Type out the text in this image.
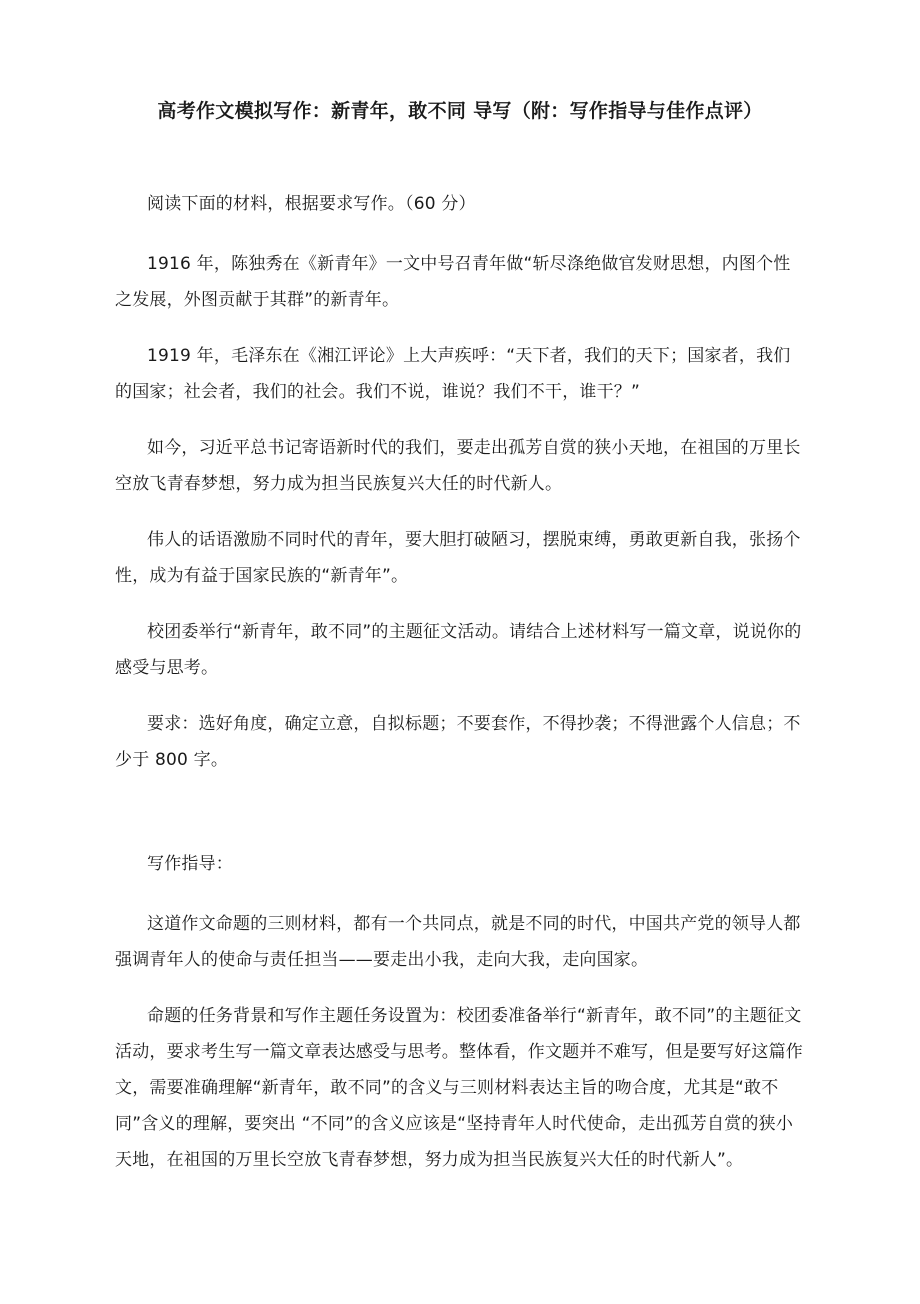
高考作文模拟写作：新青年，敢不同 导写（附：写作指导与佳作点评）

阅读下面的材料，根据要求写作。（60 分）

1916 年，陈独秀在《新青年》一文中号召青年做“斩尽涤绝做官发财思想，内图个性之发展，外图贡献于其群”的新青年。

1919 年，毛泽东在《湘江评论》上大声疾呼：“天下者，我们的天下；国家者，我们的国家；社会者，我们的社会。我们不说，谁说？我们不干，谁干？”

如今，习近平总书记寄语新时代的我们，要走出孤芳自赏的狭小天地，在祖国的万里长空放飞青春梦想，努力成为担当民族复兴大任的时代新人。

伟人的话语激励不同时代的青年，要大胆打破陋习，摆脱束缚，勇敢更新自我，张扬个性，成为有益于国家民族的“新青年”。

校团委举行“新青年，敢不同”的主题征文活动。请结合上述材料写一篇文章，说说你的感受与思考。

要求：选好角度，确定立意，自拟标题；不要套作，不得抄袭；不得泄露个人信息；不少于 800 字。

写作指导：

这道作文命题的三则材料，都有一个共同点，就是不同的时代，中国共产党的领导人都强调青年人的使命与责任担当——要走出小我，走向大我，走向国家。

命题的任务背景和写作主题任务设置为：校团委准备举行“新青年，敢不同”的主题征文活动，要求考生写一篇文章表达感受与思考。整体看，作文题并不难写，但是要写好这篇作文，需要准确理解“新青年，敢不同”的含义与三则材料表达主旨的吻合度，尤其是“敢不同”含义的理解，要突出 “不同”的含义应该是“坚持青年人时代使命，走出孤芳自赏的狭小天地，在祖国的万里长空放飞青春梦想，努力成为担当民族复兴大任的时代新人”。
